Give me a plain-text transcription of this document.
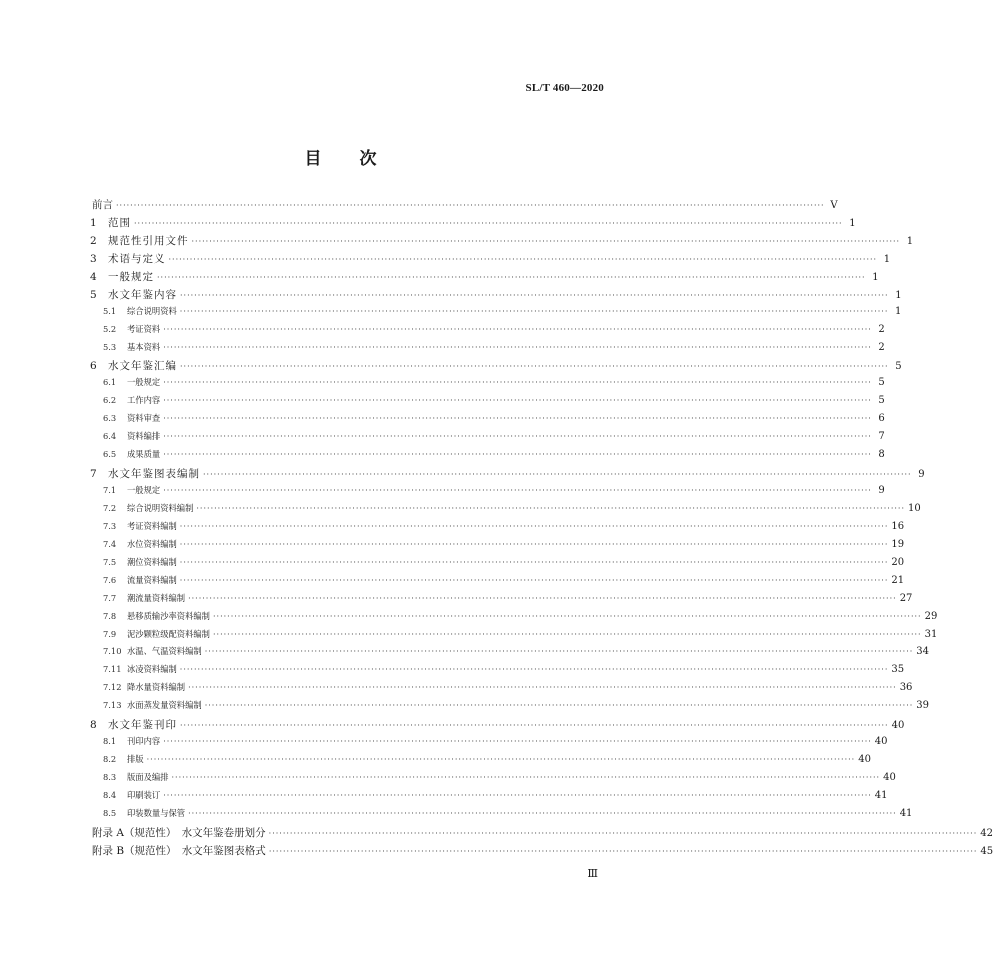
SL/T 460—2020
目 次
前言 ········································································································································································································ V
1	范围 ········································································································································································································ 1
2	规范性引用文件 ········································································································································································································ 1
3	术语与定义 ········································································································································································································ 1
4	一般规定 ········································································································································································································ 1
5	水文年鉴内容 ········································································································································································································ 1
5.1	综合说明资料 ········································································································································································································ 1
5.2	考证资料 ········································································································································································································ 2
5.3	基本资料 ········································································································································································································ 2
6	水文年鉴汇编 ········································································································································································································ 5
6.1	一般规定 ········································································································································································································ 5
6.2	工作内容 ········································································································································································································ 5
6.3	资料审查 ········································································································································································································ 6
6.4	资料编排 ········································································································································································································ 7
6.5	成果质量 ········································································································································································································ 8
7	水文年鉴图表编制 ········································································································································································································ 9
7.1	一般规定 ········································································································································································································ 9
7.2	综合说明资料编制 ········································································································································································································ 10
7.3	考证资料编制 ········································································································································································································ 16
7.4	水位资料编制 ········································································································································································································ 19
7.5	潮位资料编制 ········································································································································································································ 20
7.6	流量资料编制 ········································································································································································································ 21
7.7	潮流量资料编制 ········································································································································································································ 27
7.8	悬移质输沙率资料编制 ········································································································································································································ 29
7.9	泥沙颗粒级配资料编制 ········································································································································································································ 31
7.10 水温、气温资料编制 ········································································································································································································ 34
7.11 冰凌资料编制 ········································································································································································································ 35
7.12 降水量资料编制 ········································································································································································································ 36
7.13 水面蒸发量资料编制 ········································································································································································································ 39
8	水文年鉴刊印 ········································································································································································································ 40
8.1	刊印内容 ········································································································································································································ 40
8.2	排版 ········································································································································································································ 40
8.3	版面及编排 ········································································································································································································ 40
8.4	印刷装订 ········································································································································································································ 41
8.5	印装数量与保管 ········································································································································································································ 41
附录 A（规范性）　水文年鉴卷册划分 ········································································································································································································ 42
附录 B（规范性）　水文年鉴图表格式 ········································································································································································································ 45
Ⅲ
